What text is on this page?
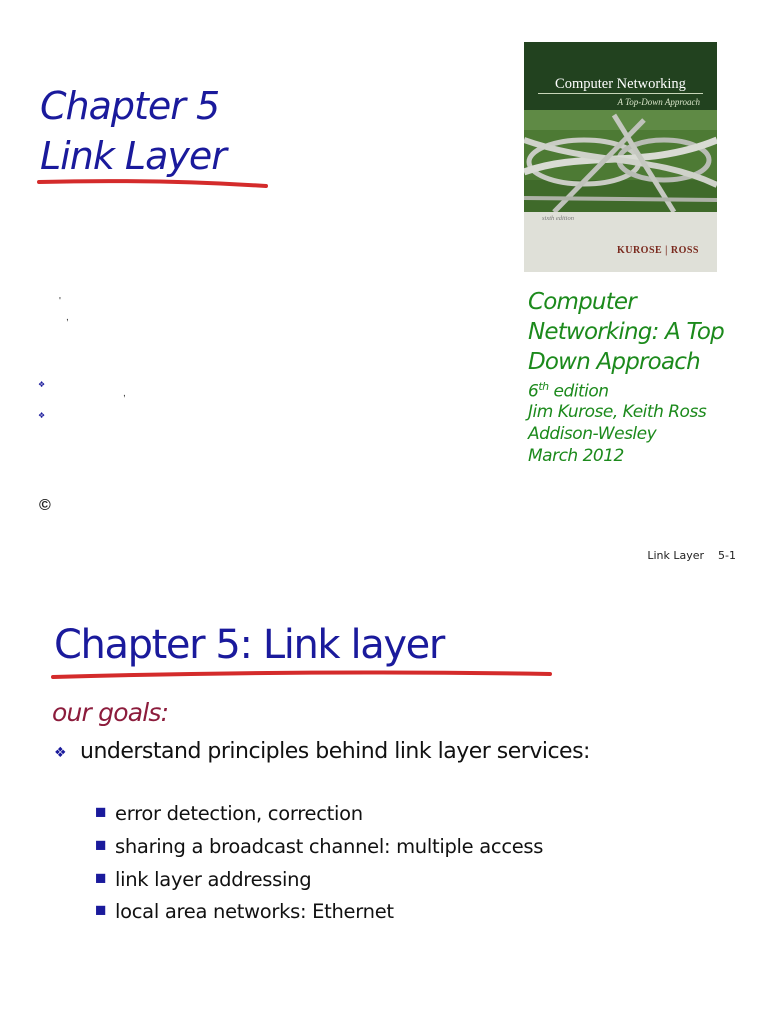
Chapter 5
Link Layer
Computer Networking
A Top-Down Approach
sixth edition
KUROSE | ROSS
'
,
,
❖
❖
©
Computer
Networking: A Top
Down Approach
6th edition
Jim Kurose, Keith Ross
Addison-Wesley
March 2012
Link Layer 5-1
Chapter 5: Link layer
our goals:
❖ understand principles behind link layer services:
■ error detection, correction
■ sharing a broadcast channel: multiple access
■ link layer addressing
■ local area networks: Ethernet
